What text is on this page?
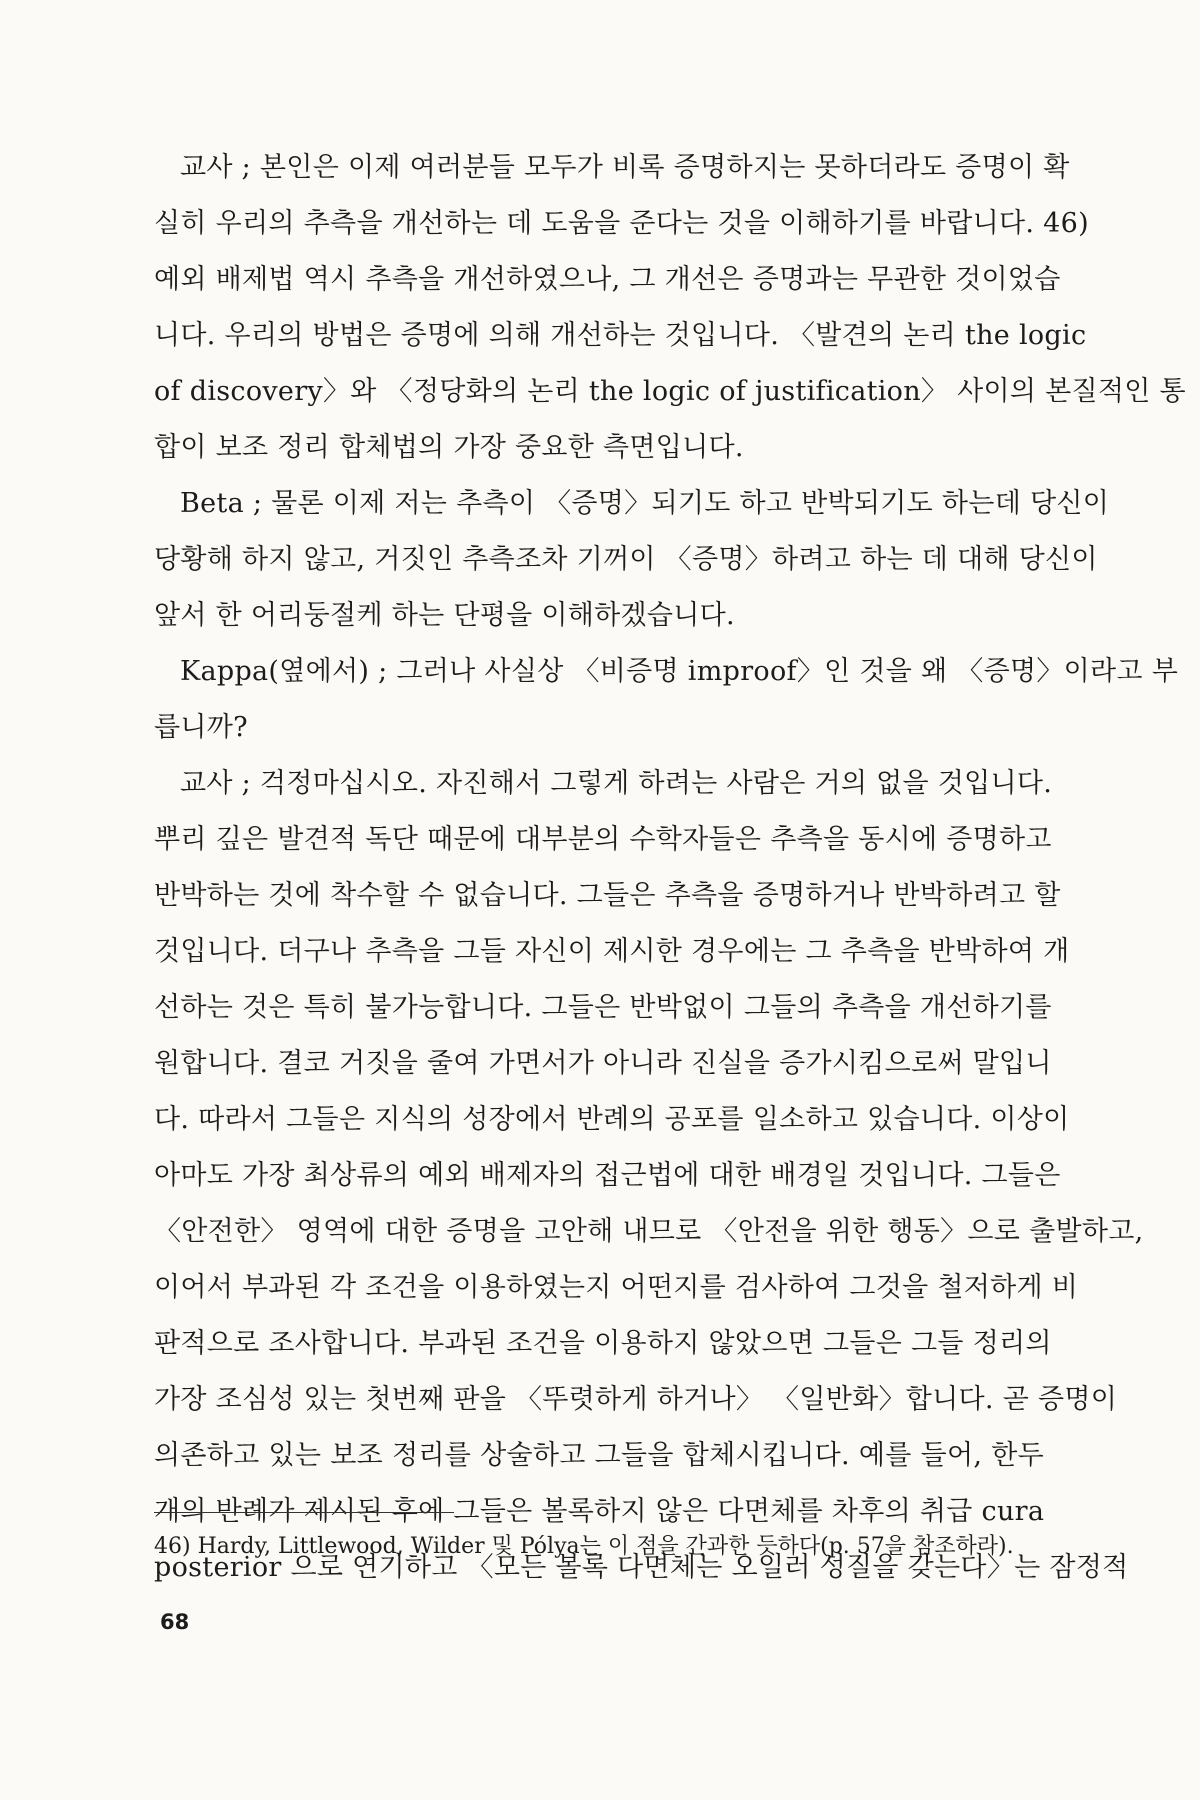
교사 ; 본인은 이제 여러분들 모두가 비록 증명하지는 못하더라도 증명이 확
실히 우리의 추측을 개선하는 데 도움을 준다는 것을 이해하기를 바랍니다. 46)
예외 배제법 역시 추측을 개선하였으나, 그 개선은 증명과는 무관한 것이었습
니다. 우리의 방법은 증명에 의해 개선하는 것입니다. 〈발견의 논리 the logic
of discovery〉와 〈정당화의 논리 the logic of justification〉 사이의 본질적인 통
합이 보조 정리 합체법의 가장 중요한 측면입니다.
Beta ; 물론 이제 저는 추측이 〈증명〉되기도 하고 반박되기도 하는데 당신이
당황해 하지 않고, 거짓인 추측조차 기꺼이 〈증명〉하려고 하는 데 대해 당신이
앞서 한 어리둥절케 하는 단평을 이해하겠습니다.
Kappa(옆에서) ; 그러나 사실상 〈비증명 improof〉인 것을 왜 〈증명〉이라고 부
릅니까?
교사 ; 걱정마십시오. 자진해서 그렇게 하려는 사람은 거의 없을 것입니다.
뿌리 깊은 발견적 독단 때문에 대부분의 수학자들은 추측을 동시에 증명하고
반박하는 것에 착수할 수 없습니다. 그들은 추측을 증명하거나 반박하려고 할
것입니다. 더구나 추측을 그들 자신이 제시한 경우에는 그 추측을 반박하여 개
선하는 것은 특히 불가능합니다. 그들은 반박없이 그들의 추측을 개선하기를
원합니다. 결코 거짓을 줄여 가면서가 아니라 진실을 증가시킴으로써 말입니
다. 따라서 그들은 지식의 성장에서 반례의 공포를 일소하고 있습니다. 이상이
아마도 가장 최상류의 예외 배제자의 접근법에 대한 배경일 것입니다. 그들은
〈안전한〉 영역에 대한 증명을 고안해 내므로 〈안전을 위한 행동〉으로 출발하고,
이어서 부과된 각 조건을 이용하였는지 어떤지를 검사하여 그것을 철저하게 비
판적으로 조사합니다. 부과된 조건을 이용하지 않았으면 그들은 그들 정리의
가장 조심성 있는 첫번째 판을 〈뚜렷하게 하거나〉 〈일반화〉합니다. 곧 증명이
의존하고 있는 보조 정리를 상술하고 그들을 합체시킵니다. 예를 들어, 한두
개의 반례가 제시된 후에 그들은 볼록하지 않은 다면체를 차후의 취급 cura
posterior 으로 연기하고 〈모든 볼록 다면체는 오일러 성질을 갖는다〉는 잠정적
46) Hardy, Littlewood, Wilder 및 Pólya는 이 점을 간과한 듯하다(p. 57을 참조하라).
68
